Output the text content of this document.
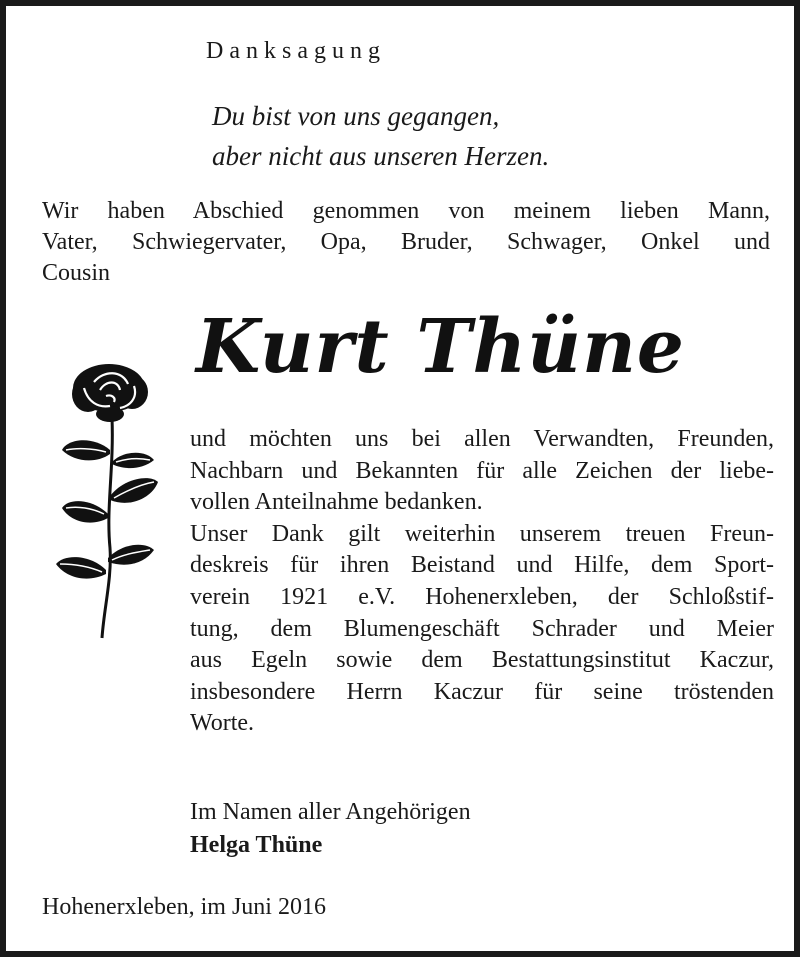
Danksagung
Du bist von uns gegangen,
aber nicht aus unseren Herzen.
Wir haben Abschied genommen von meinem lieben Mann,
Vater, Schwiegervater, Opa, Bruder, Schwager, Onkel und
Cousin
Kurt Thüne
und möchten uns bei allen Verwandten, Freunden,
Nachbarn und Bekannten für alle Zeichen der liebe-
vollen Anteilnahme bedanken.
Unser Dank gilt weiterhin unserem treuen Freun-
deskreis für ihren Beistand und Hilfe, dem Sport-
verein 1921 e.V. Hohenerxleben, der Schloßstif-
tung, dem Blumengeschäft Schrader und Meier
aus Egeln sowie dem Bestattungsinstitut Kaczur,
insbesondere Herrn Kaczur für seine tröstenden
Worte.
Im Namen aller Angehörigen
Helga Thüne
Hohenerxleben, im Juni 2016
